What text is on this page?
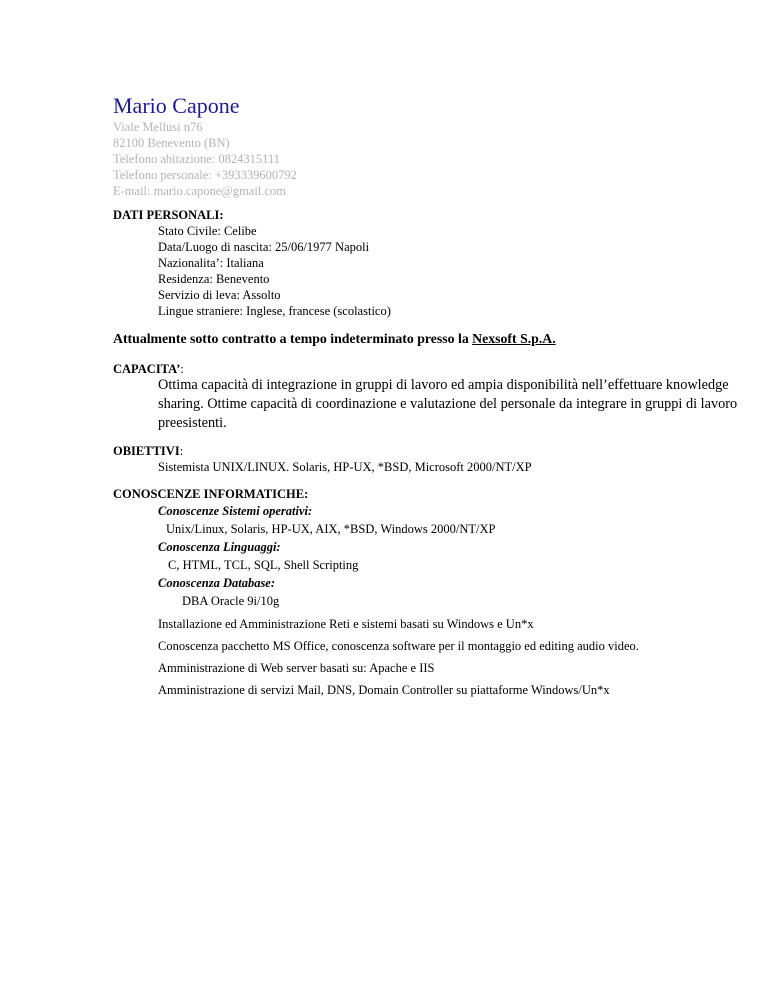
Mario Capone
Viale Mellusi n76
82100 Benevento (BN)
Telefono abitazione: 0824315111
Telefono personale: +393339600792
E-mail: mario.capone@gmail.com
DATI PERSONALI:
Stato Civile: Celibe
Data/Luogo di nascita: 25/06/1977 Napoli
Nazionalita’: Italiana
Residenza: Benevento
Servizio di leva: Assolto
Lingue straniere: Inglese, francese (scolastico)
Attualmente sotto contratto a tempo indeterminato presso la Nexsoft S.p.A.
CAPACITA’:
Ottima capacità di integrazione in gruppi di lavoro ed ampia disponibilità nell’effettuare knowledge sharing. Ottime capacità di coordinazione e valutazione del personale da integrare in gruppi di lavoro preesistenti.
OBIETTIVI:
Sistemista UNIX/LINUX. Solaris, HP-UX, *BSD, Microsoft 2000/NT/XP
CONOSCENZE INFORMATICHE:
Conoscenze Sistemi operativi:
Unix/Linux, Solaris, HP-UX, AIX, *BSD, Windows 2000/NT/XP
Conoscenza Linguaggi:
C, HTML, TCL, SQL, Shell Scripting
Conoscenza Database:
DBA Oracle 9i/10g
Installazione ed Amministrazione Reti e sistemi basati su Windows e Un*x
Conoscenza pacchetto MS Office, conoscenza software per il montaggio ed editing audio video.
Amministrazione di Web server basati su: Apache e IIS
Amministrazione di servizi Mail, DNS, Domain Controller su piattaforme Windows/Un*x
